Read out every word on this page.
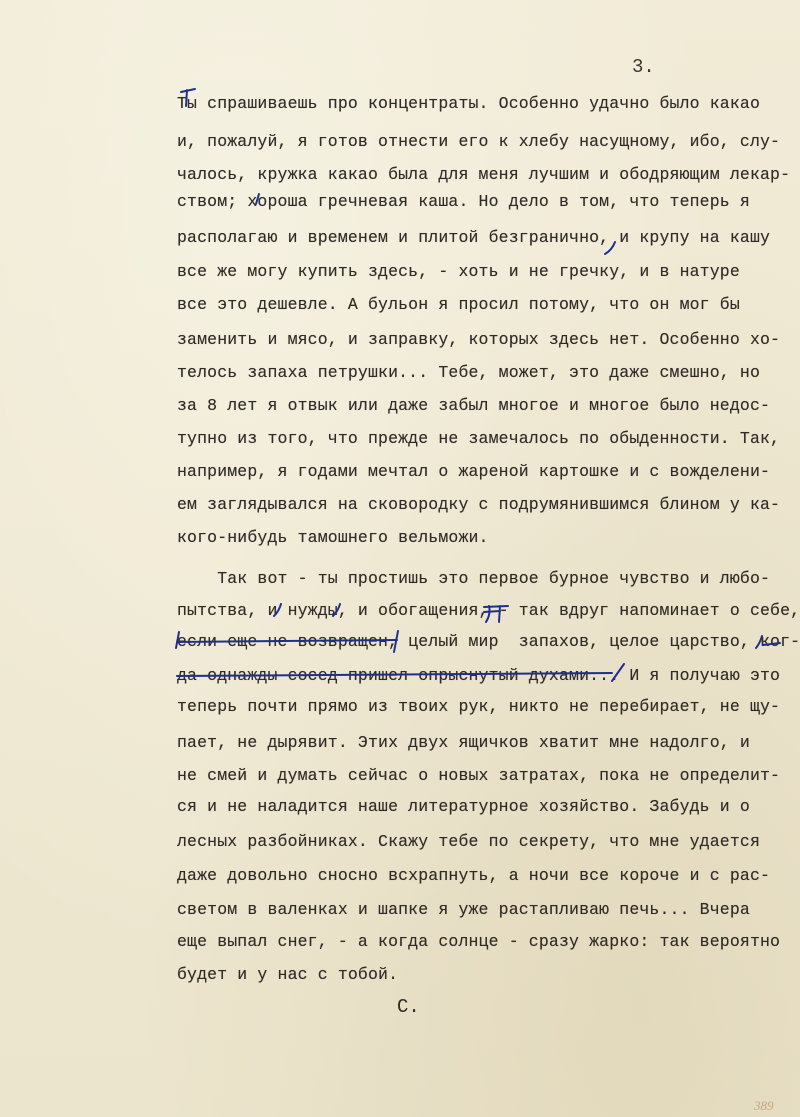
3.
Ты спрашиваешь про концентраты. Особенно удачно было какао
и, пожалуй, я готов отнести его к хлебу насущному, ибо, слу-
чалось, кружка какао была для меня лучшим и ободряющим лекар-
ством; хороша гречневая каша. Но дело в том, что теперь я
располагаю и временем и плитой безгранично, и крупу на кашу
все же могу купить здесь, - хоть и не гречку, и в натуре
все это дешевле. А бульон я просил потому, что он мог бы
заменить и мясо, и заправку, которых здесь нет. Особенно хо-
телось запаха петрушки... Тебе, может, это даже смешно, но
за 8 лет я отвык или даже забыл многое и многое было недос-
тупно из того, что прежде не замечалось по обыденности. Так,
например, я годами мечтал о жареной картошке и с вожделени-
ем заглядывался на сковородку с подрумянившимся блином у ка-
кого-нибудь тамошнего вельможи.
Так вот - ты простишь это первое бурное чувство и любо-
пытства, и нужды, и обогащения, - так вдруг напоминает о себе,
если еще не возвращен, целый мир  запахов, целое царство, ког-
да однажды сосед пришел опрыснутый духами... И я получаю это
теперь почти прямо из твоих рук, никто не перебирает, не щу-
пает, не дырявит. Этих двух ящичков хватит мне надолго, и
не смей и думать сейчас о новых затратах, пока не определит-
ся и не наладится наше литературное хозяйство. Забудь и о
лесных разбойниках. Скажу тебе по секрету, что мне удается
даже довольно сносно всхрапнуть, а ночи все короче и с рас-
светом в валенках и шапке я уже растапливаю печь... Вчера
еще выпал снег, - а когда солнце - сразу жарко: так вероятно
будет и у нас с тобой.
С.
389
